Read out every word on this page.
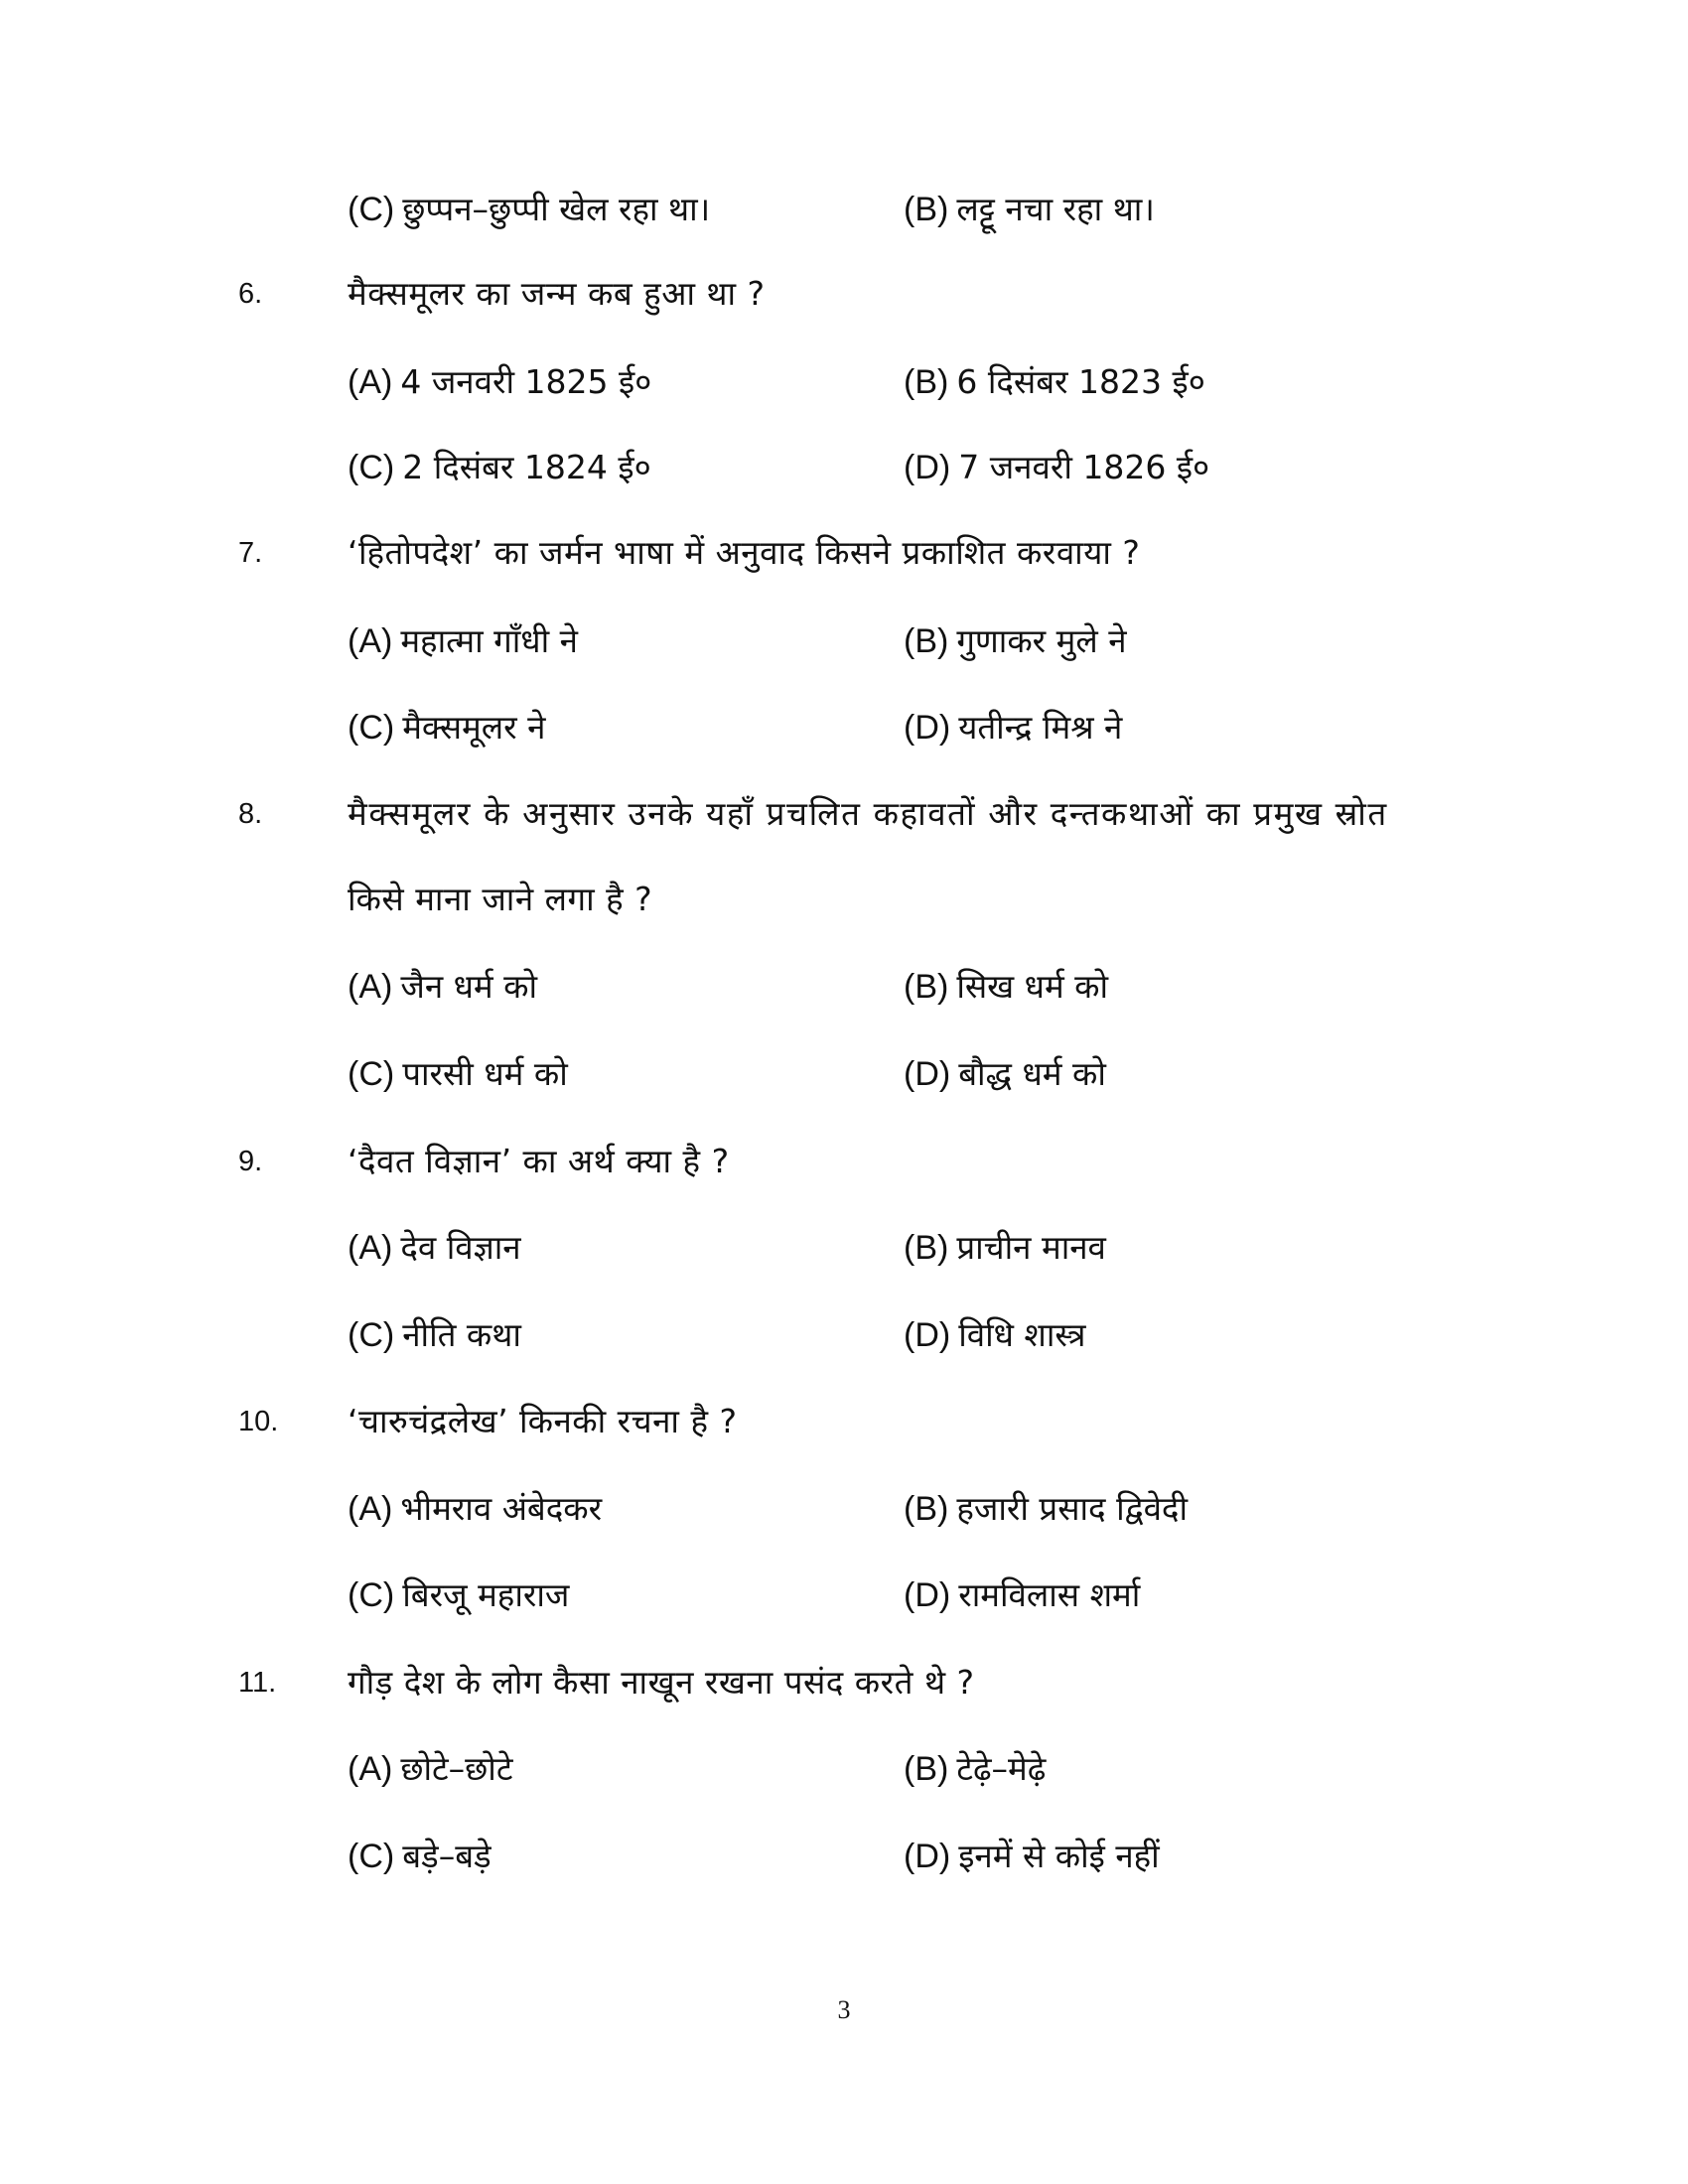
(C) छुप्पन–छुप्पी खेल रहा था।	(B) लट्टू नचा रहा था।
6.	मैक्समूलर का जन्म कब हुआ था ?
(A) 4 जनवरी 1825 ई०	(B) 6 दिसंबर 1823 ई०
(C) 2 दिसंबर 1824 ई०	(D) 7 जनवरी 1826 ई०
7.	‘हितोपदेश’ का जर्मन भाषा में अनुवाद किसने प्रकाशित करवाया ?
(A) महात्मा गाँधी ने	(B) गुणाकर मुले ने
(C) मैक्समूलर ने	(D) यतीन्द्र मिश्र ने
8.	मैक्समूलर के अनुसार उनके यहाँ प्रचलित कहावतों और दन्तकथाओं का प्रमुख स्रोत
किसे माना जाने लगा है ?
(A) जैन धर्म को	(B) सिख धर्म को
(C) पारसी धर्म को	(D) बौद्ध धर्म को
9.	‘दैवत विज्ञान’ का अर्थ क्या है ?
(A) देव विज्ञान	(B) प्राचीन मानव
(C) नीति कथा	(D) विधि शास्त्र
10. ‘चारुचंद्रलेख’ किनकी रचना है ?
(A) भीमराव अंबेदकर	(B) हजारी प्रसाद द्विवेदी
(C) बिरजू महाराज	(D) रामविलास शर्मा
11. गौड़ देश के लोग कैसा नाखून रखना पसंद करते थे ?
(A) छोटे–छोटे	(B) टेढ़े–मेढ़े
(C) बड़े–बड़े	(D) इनमें से कोई नहीं
3
